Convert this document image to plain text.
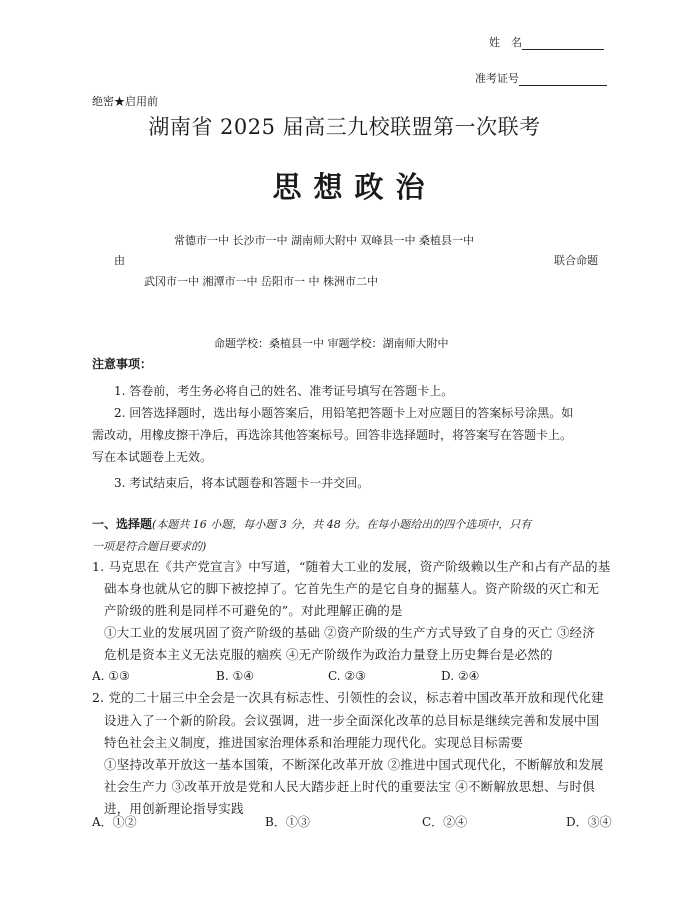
姓　名
准考证号
绝密★启用前
湖南省 2025 届高三九校联盟第一次联考
思想政治
常德市一中 长沙市一中 湖南师大附中 双峰县一中 桑植县一中
由	联合命题
武冈市一中 湘潭市一中 岳阳市一 中 株洲市二中
命题学校：桑植县一中 审题学校：湖南师大附中
注意事项：
1. 答卷前，考生务必将自己的姓名、准考证号填写在答题卡上。
2. 回答选择题时，选出每小题答案后，用铅笔把答题卡上对应题目的答案标号涂黑。如
需改动，用橡皮擦干净后，再选涂其他答案标号。回答非选择题时，将答案写在答题卡上。
写在本试题卷上无效。
3. 考试结束后，将本试题卷和答题卡一并交回。
一、选择题(本题共 16 小题，每小题 3 分，共 48 分。在每小题给出的四个选项中，只有
一项是符合题目要求的)
1. 马克思在《共产党宣言》中写道，“随着大工业的发展，资产阶级赖以生产和占有产品的基
础本身也就从它的脚下被挖掉了。它首先生产的是它自身的掘墓人。资产阶级的灭亡和无
产阶级的胜利是同样不可避免的”。对此理解正确的是
①大工业的发展巩固了资产阶级的基础 ②资产阶级的生产方式导致了自身的灭亡 ③经济
危机是资本主义无法克服的痼疾 ④无产阶级作为政治力量登上历史舞台是必然的
A. ①③	B. ①④	C. ②③	D. ②④
2. 党的二十届三中全会是一次具有标志性、引领性的会议，标志着中国改革开放和现代化建
设进入了一个新的阶段。会议强调，进一步全面深化改革的总目标是继续完善和发展中国
特色社会主义制度，推进国家治理体系和治理能力现代化。实现总目标需要
①坚持改革开放这一基本国策，不断深化改革开放 ②推进中国式现代化，不断解放和发展
社会生产力 ③改革开放是党和人民大踏步赶上时代的重要法宝 ④不断解放思想、与时俱
进，用创新理论指导实践
A．①②	B．①③	C．②④	D．③④
